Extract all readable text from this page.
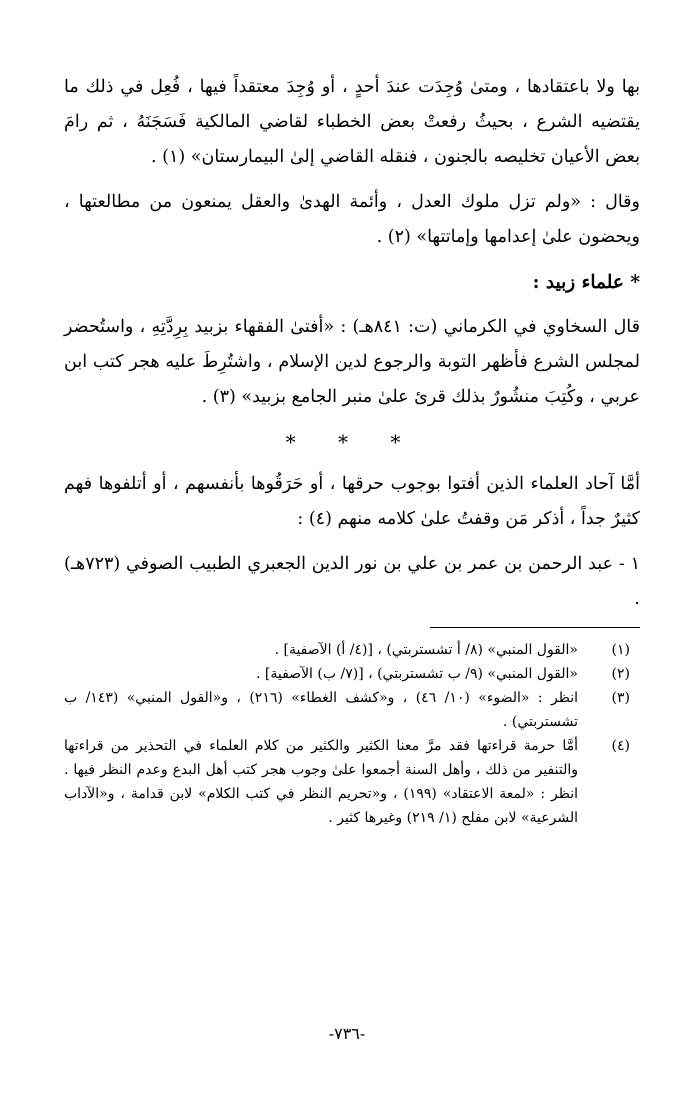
بها ولا باعتقادها ، ومتىٰ وُجِدَت عندَ أحدٍ ، أو وُجِدَ معتقداً فيها ، فُعِل في ذلك ما يقتضيه الشرع ، بحيثُ رفعتْ بعض الخطباء لقاضي المالكية فَسَجَنَهُ ، ثم رامَ بعض الأعيان تخليصه بالجنون ، فنقله القاضي إلىٰ البيمارستان» (١) .

وقال : «ولم تزل ملوك العدل ، وأئمة الهدىٰ والعقل يمنعون من مطالعتها ، ويحضون علىٰ إعدامها وإماتتها» (٢) .

* علماء زبيد :

قال السخاوي في الكرماني (ت: ٨٤١هـ) : «أفتىٰ الفقهاء بزبيد بِرِدَّتِهِ ، واستُحضر لمجلس الشرع فأظهر التوبة والرجوع لدين الإسلام ، واشتُرِطَ عليه هجر كتب ابن عربي ، وكُتِبَ منشُورٌ بذلك قرئ علىٰ منبر الجامع بزبيد» (٣) .

* * *

أمَّا آحاد العلماء الذين أفتوا بوجوب حرقها ، أو حَرَقُوها بأنفسهم ، أو أتلفوها فهم كثيرٌ جداً ، أذكر مَن وقفتُ علىٰ كلامه منهم (٤) :

١ - عبد الرحمن بن عمر بن علي بن نور الدين الجعبري الطبيب الصوفي (٧٢٣هـ) .

(١)
«القول المنبي» (٨/ أ تشستربتي) ، [(٤/ أ) الآصفية] .
(٢)
«القول المنبي» (٩/ ب تشستربتي) ، [(٧/ ب) الآصفية] .
(٣)
انظر : «الضوء» (١٠/ ٤٦) ، و«كشف الغطاء» (٢١٦) ، و«القول المنبي» (١٤٣/ ب تشستربتي) .
(٤)
أمَّا حرمة قراءتها فقد مرَّ معنا الكثير والكثير من كلام العلماء في التحذير من قراءتها والتنفير من ذلك ، وأهل السنة أجمعوا علىٰ وجوب هجر كتب أهل البدع وعدم النظر فيها . انظر : «لمعة الاعتقاد» (١٩٩) ، و«تحريم النظر في كتب الكلام» لابن قدامة ، و«الآداب الشرعية» لابن مفلح (١/ ٢١٩) وغيرها كثير .
-٧٣٦-
